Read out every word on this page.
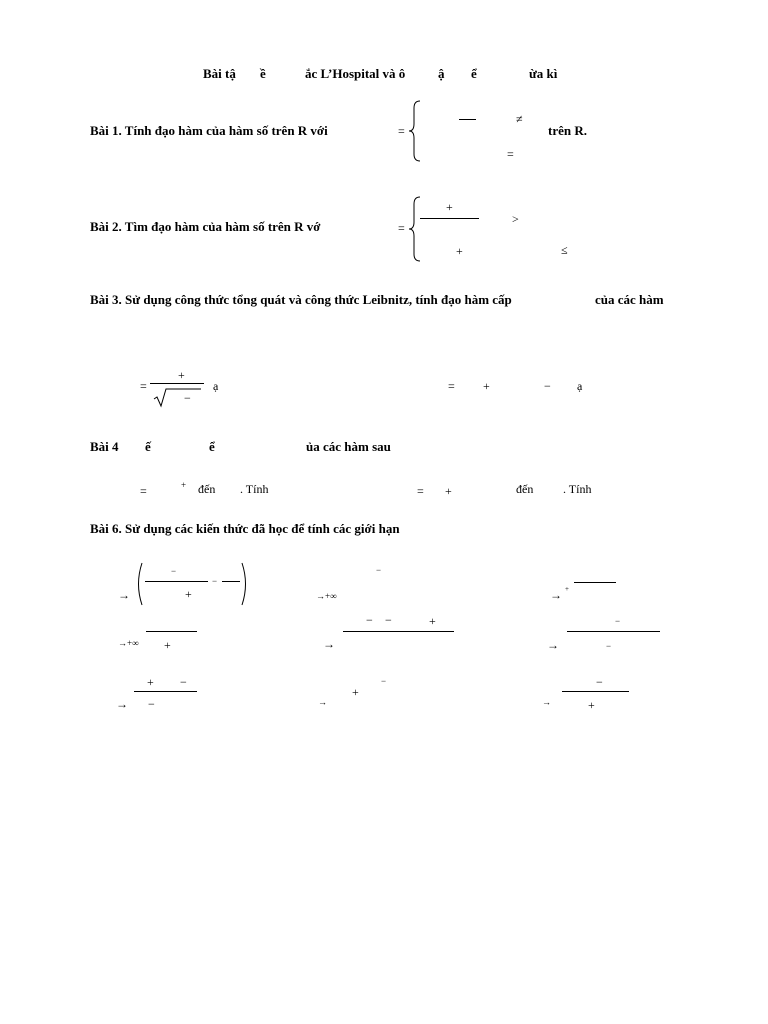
Bài tậ ề	ắc L’Hospital và ô	ậ ể	ừa kì
Bài 1. Tính đạo hàm của hàm số trên R với	=
≠
=
trên R.
Bài 2. Tìm đạo hàm của hàm số trên R vớ	=
+
>
+	≤
Bài 3. Sử dụng công thức tổng quát và công thức Leibnitz, tính đạo hàm cấp	của các hàm
=
+
−
ạ	= +	− ạ
Bài 4 ế	ể	ủa các hàm sau
=	+ đến . Tính	= +	đến . Tính
Bài 6. Sử dụng các kiến thức đã học để tính các giới hạn
→
−
+
−
−
→+∞	→ +
→+∞ +
− −	+
→
−
→	−
+ −
→ −
−
→
+
−
→	+
